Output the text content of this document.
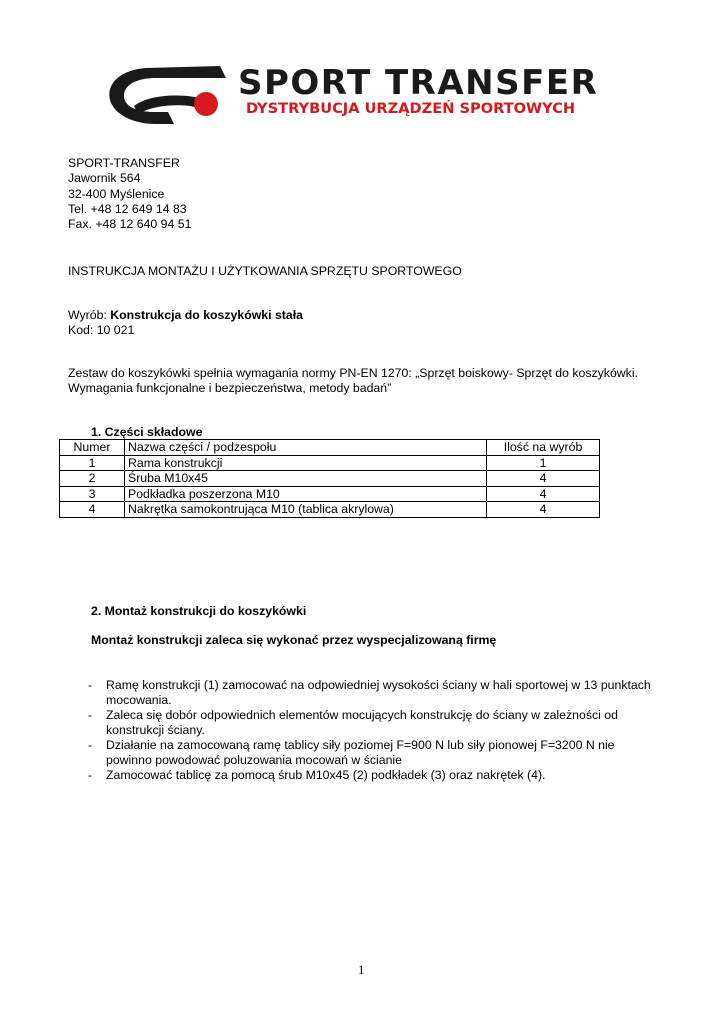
SPORT TRANSFER
DYSTRYBUCJA URZĄDZEŃ SPORTOWYCH
SPORT-TRANSFER
Jawornik 564
32-400 Myślenice
Tel. +48 12 649 14 83
Fax. +48 12 640 94 51
INSTRUKCJA MONTAŻU I UŻYTKOWANIA SPRZĘTU SPORTOWEGO
Wyrób: Konstrukcja do koszykówki stała
Kod: 10 021
Zestaw do koszykówki spełnia wymagania normy PN-EN 1270: „Sprzęt boiskowy- Sprzęt do koszykówki.
Wymagania funkcjonalne i bezpieczeństwa, metody badań”
1. Części składowe
Numer	Nazwa części / podzespołu	Ilość na wyrób
1	Rama konstrukcji	1
2	Śruba M10x45	4
3	Podkładka poszerzona M10	4
4	Nakrętka samokontrująca M10 (tablica akrylowa)	4
2. Montaż konstrukcji do koszykówki
Montaż konstrukcji zaleca się wykonać przez wyspecjalizowaną firmę
- Ramę konstrukcji (1) zamocować na odpowiedniej wysokości ściany w hali sportowej w 13 punktach
mocowania.
- Zaleca się dobór odpowiednich elementów mocujących konstrukcję do ściany w zależności od
konstrukcji ściany.
- Działanie na zamocowaną ramę tablicy siły poziomej F=900 N lub siły pionowej F=3200 N nie
powinno powodować poluzowania mocowań w ścianie
- Zamocować tablicę za pomocą śrub M10x45 (2) podkładek (3) oraz nakrętek (4).
1
